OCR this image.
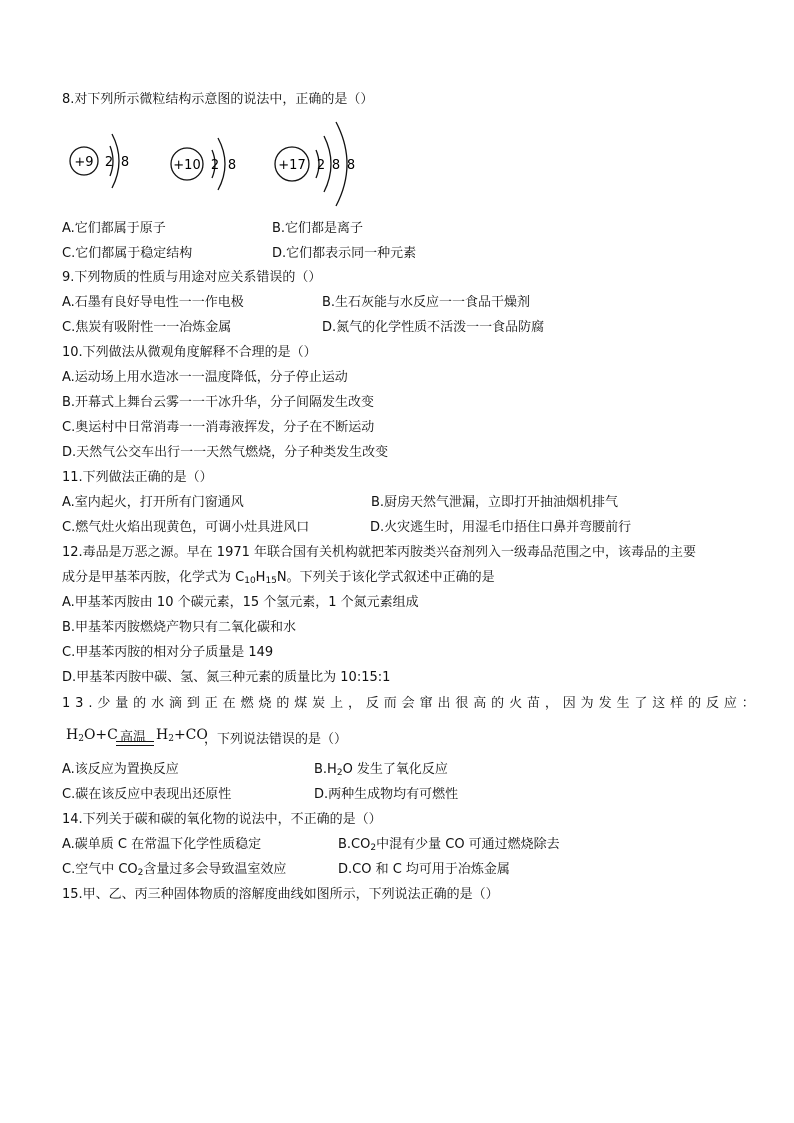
8.对下列所示微粒结构示意图的说法中，正确的是（）
+9 2 8	+10 2 8	+17 2 8 8
A.它们都属于原子	B.它们都是离子
C.它们都属于稳定结构	D.它们都表示同一种元素
9.下列物质的性质与用途对应关系错误的（）
A.石墨有良好导电性一一作电极	B.生石灰能与水反应一一食品干燥剂
C.焦炭有吸附性一一冶炼金属	D.氮气的化学性质不活泼一一食品防腐
10.下列做法从微观角度解释不合理的是（）
A.运动场上用水造冰一一温度降低，分子停止运动
B.开幕式上舞台云雾一一干冰升华，分子间隔发生改变
C.奥运村中日常消毒一一消毒液挥发，分子在不断运动
D.天然气公交车出行一一天然气燃烧，分子种类发生改变
11.下列做法正确的是（）
A.室内起火，打开所有门窗通风	B.厨房天然气泄漏，立即打开抽油烟机排气
C.燃气灶火焰出现黄色，可调小灶具进风口	D.火灾逃生时，用湿毛巾捂住口鼻并弯腰前行
12.毒品是万恶之源。早在 1971 年联合国有关机构就把苯丙胺类兴奋剂列入一级毒品范围之中，该毒品的主要
成分是甲基苯丙胺，化学式为 $C_{10}H_{15}N$。下列关于该化学式叙述中正确的是
A.甲基苯丙胺由 10 个碳元素，15 个氢元素，1 个氮元素组成
B.甲基苯丙胺燃烧产物只有二氧化碳和水
C.甲基苯丙胺的相对分子质量是 149
D.甲基苯丙胺中碳、氢、氮三种元素的质量比为 10:15:1
13.少量的水滴到正在燃烧的煤炭上，反而会窜出很高的火苗，因为发生了这样的反应：
$H_2O+C$ 高温 $H_2+CO$
，下列说法错误的是（）
A.该反应为置换反应	$B.H_2O$ 发生了氧化反应
C.碳在该反应中表现出还原性	D.两种生成物均有可燃性
14.下列关于碳和碳的氧化物的说法中，不正确的是（）
A.碳单质 C 在常温下化学性质稳定	$B.CO_2$中混有少量 CO 可通过燃烧除去
C.空气中 $CO_2$含量过多会导致温室效应	D.CO 和 C 均可用于冶炼金属
15.甲、乙、丙三种固体物质的溶解度曲线如图所示，下列说法正确的是（）
